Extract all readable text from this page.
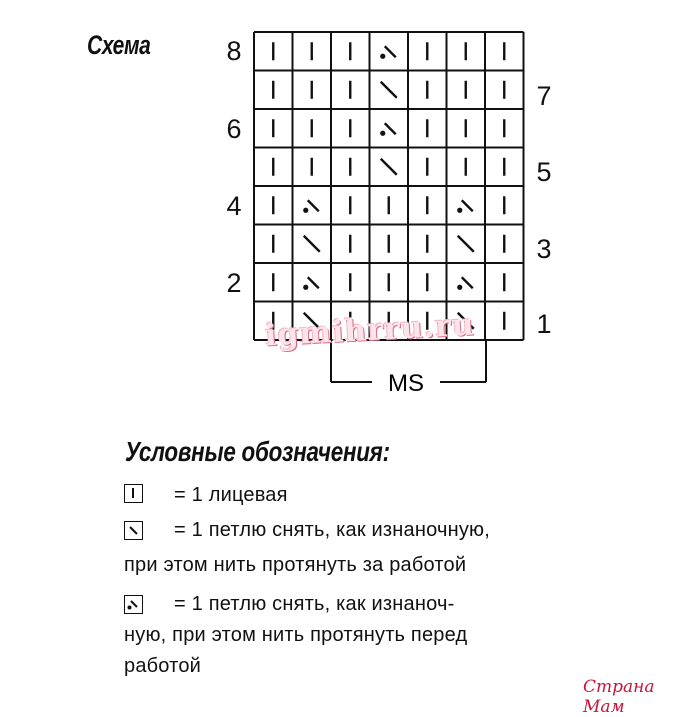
Схема	8
6
4
2
7
5
3
1
MS
igmihrru.ru
Условные обозначения:
= 1 лицевая
= 1 петлю снять, как изнаночную,
при этом нить протянуть за работой
= 1 петлю снять, как изнаноч-
ную, при этом нить протянуть перед
работой
Страна Мам
